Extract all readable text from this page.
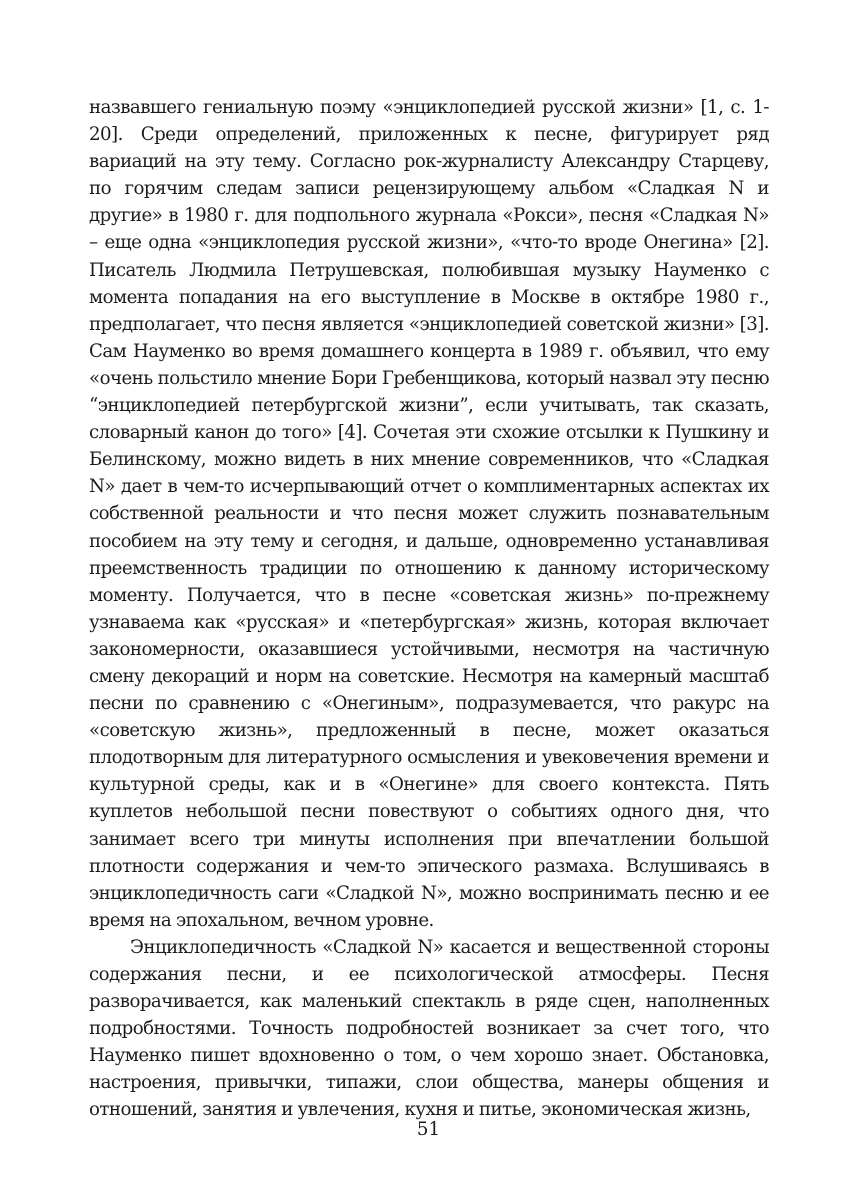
назвавшего гениальную поэму «энциклопедией русской жизни» [1, с. 1-20]. Среди определений, приложенных к песне, фигурирует ряд вариаций на эту тему. Согласно рок-журналисту Александру Старцеву, по горячим следам записи рецензирующему альбом «Сладкая N и другие» в 1980 г. для подпольного журнала «Рокси», песня «Сладкая N» – еще одна «энциклопедия русской жизни», «что-то вроде Онегина» [2]. Писатель Людмила Петрушевская, полюбившая музыку Науменко с момента попадания на его выступление в Москве в октябре 1980 г., предполагает, что песня является «энциклопедией советской жизни» [3]. Сам Науменко во время домашнего концерта в 1989 г. объявил, что ему «очень польстило мнение Бори Гребенщикова, который назвал эту песню “энциклопедией петербургской жизни”, если учитывать, так сказать, словарный канон до того» [4]. Сочетая эти схожие отсылки к Пушкину и Белинскому, можно видеть в них мнение современников, что «Сладкая N» дает в чем-то исчерпывающий отчет о комплиментарных аспектах их собственной реальности и что песня может служить познавательным пособием на эту тему и сегодня, и дальше, одновременно устанавливая преемственность традиции по отношению к данному историческому моменту. Получается, что в песне «советская жизнь» по-прежнему узнаваема как «русская» и «петербургская» жизнь, которая включает закономерности, оказавшиеся устойчивыми, несмотря на частичную смену декораций и норм на советские. Несмотря на камерный масштаб песни по сравнению с «Онегиным», подразумевается, что ракурс на «советскую жизнь», предложенный в песне, может оказаться плодотворным для литературного осмысления и увековечения времени и культурной среды, как и в «Онегине» для своего контекста. Пять куплетов небольшой песни повествуют о событиях одного дня, что занимает всего три минуты исполнения при впечатлении большой плотности содержания и чем-то эпического размаха. Вслушиваясь в энциклопедичность саги «Сладкой N», можно воспринимать песню и ее время на эпохальном, вечном уровне.

Энциклопедичность «Сладкой N» касается и вещественной стороны содержания песни, и ее психологической атмосферы. Песня разворачивается, как маленький спектакль в ряде сцен, наполненных подробностями. Точность подробностей возникает за счет того, что Науменко пишет вдохновенно о том, о чем хорошо знает. Обстановка, настроения, привычки, типажи, слои общества, манеры общения и отношений, занятия и увлечения, кухня и питье, экономическая жизнь,

51
